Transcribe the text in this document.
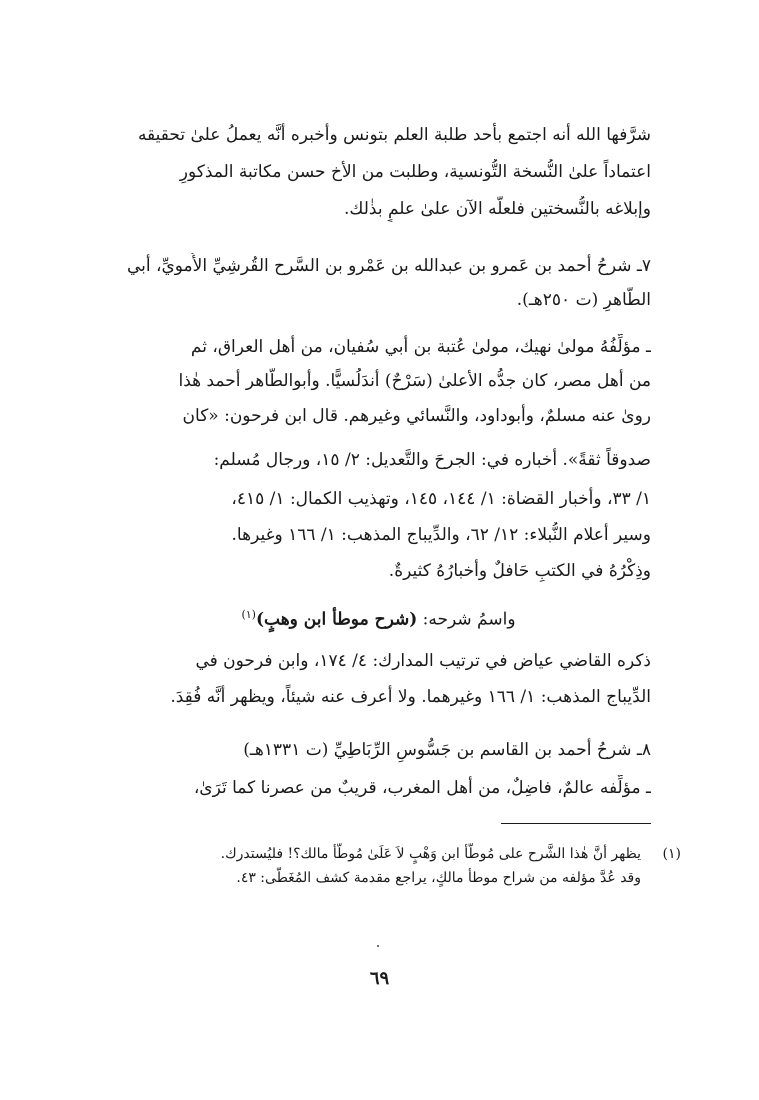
شرَّفها الله أنه اجتمع بأحد طلبة العلم بتونس وأخبره أنَّه يعملُ علىٰ تحقيقه
اعتماداً علىٰ النُّسخة التُّونسية، وطلبت من الأخ حسن مكاتبة المذكورِ
وإبلاغه بالنُّسختين فلعلَّه الآن علىٰ علمٍ بذٰلك.
٧ـ شرحُ أحمد بن عَمرو بن عبدالله بن عَمْرو بن السَّرح القُرشِيِّ الأُمويِّ، أبي
الطَّاهرِ (ت ٢٥٠هـ).
ـ مؤلِّفُهُ مولىٰ نهيك، مولىٰ عُتبة بن أبي سُفيان، من أهل العراق، ثم
من أهل مصر، كان جدُّه الأعلىٰ (سَرْحٌ) أندَلُسيًّا. وأبوالطَّاهر أحمد هٰذا
رویٰ عنه مسلمٌ، وأبوداود، والنَّسائي وغيرهم. قال ابن فرحون: «كان
صدوقاً ثقةً». أخباره في: الجرحَ والتَّعديل: ٢/ ١٥، ورجال مُسلم:
١/ ٣٣، وأخبار القضاة: ١/ ١٤٤، ١٤٥، وتهذيب الكمال: ١/ ٤١٥،
وسير أعلام النُّبلاء: ١٢/ ٦٢، والدِّيباج المذهب: ١/ ١٦٦ وغيرها.
وذِكْرُهُ في الكتبِ حَافلٌ وأخبارُهُ كثيرةٌ.
واسمُ شرحه: (شرح موطأ ابن وهبٍ)$^{(١)}$
ذكره القاضي عياض في ترتيب المدارك: ٤/ ١٧٤، وابن فرحون في
الدِّيباج المذهب: ١/ ١٦٦ وغيرهما. ولا أعرف عنه شيئاً، ويظهر أنَّه فُقِدَ.
٨ـ شرحُ أحمد بن القاسم بن جَسُّوسِ الرِّبَاطِيِّ (ت ١٣٣١هـ)
ـ مؤلِّفه عالمٌ، فاضِلٌ، من أهل المغرب، قريبٌ من عصرنا كما تَرَىٰ،
(١)
يظهر أنَّ هٰذا الشَّرح على مُوطَّأ ابن وَهْبٍ لاَ عَلَىٰ مُوطَّأ مالك؟! فليُستدرك.
وقد عُدَّ مؤلفه من شراح موطأ مالكٍ، يراجع مقدمة كشف المُغَطَّى: ٤٣.
٦٩
